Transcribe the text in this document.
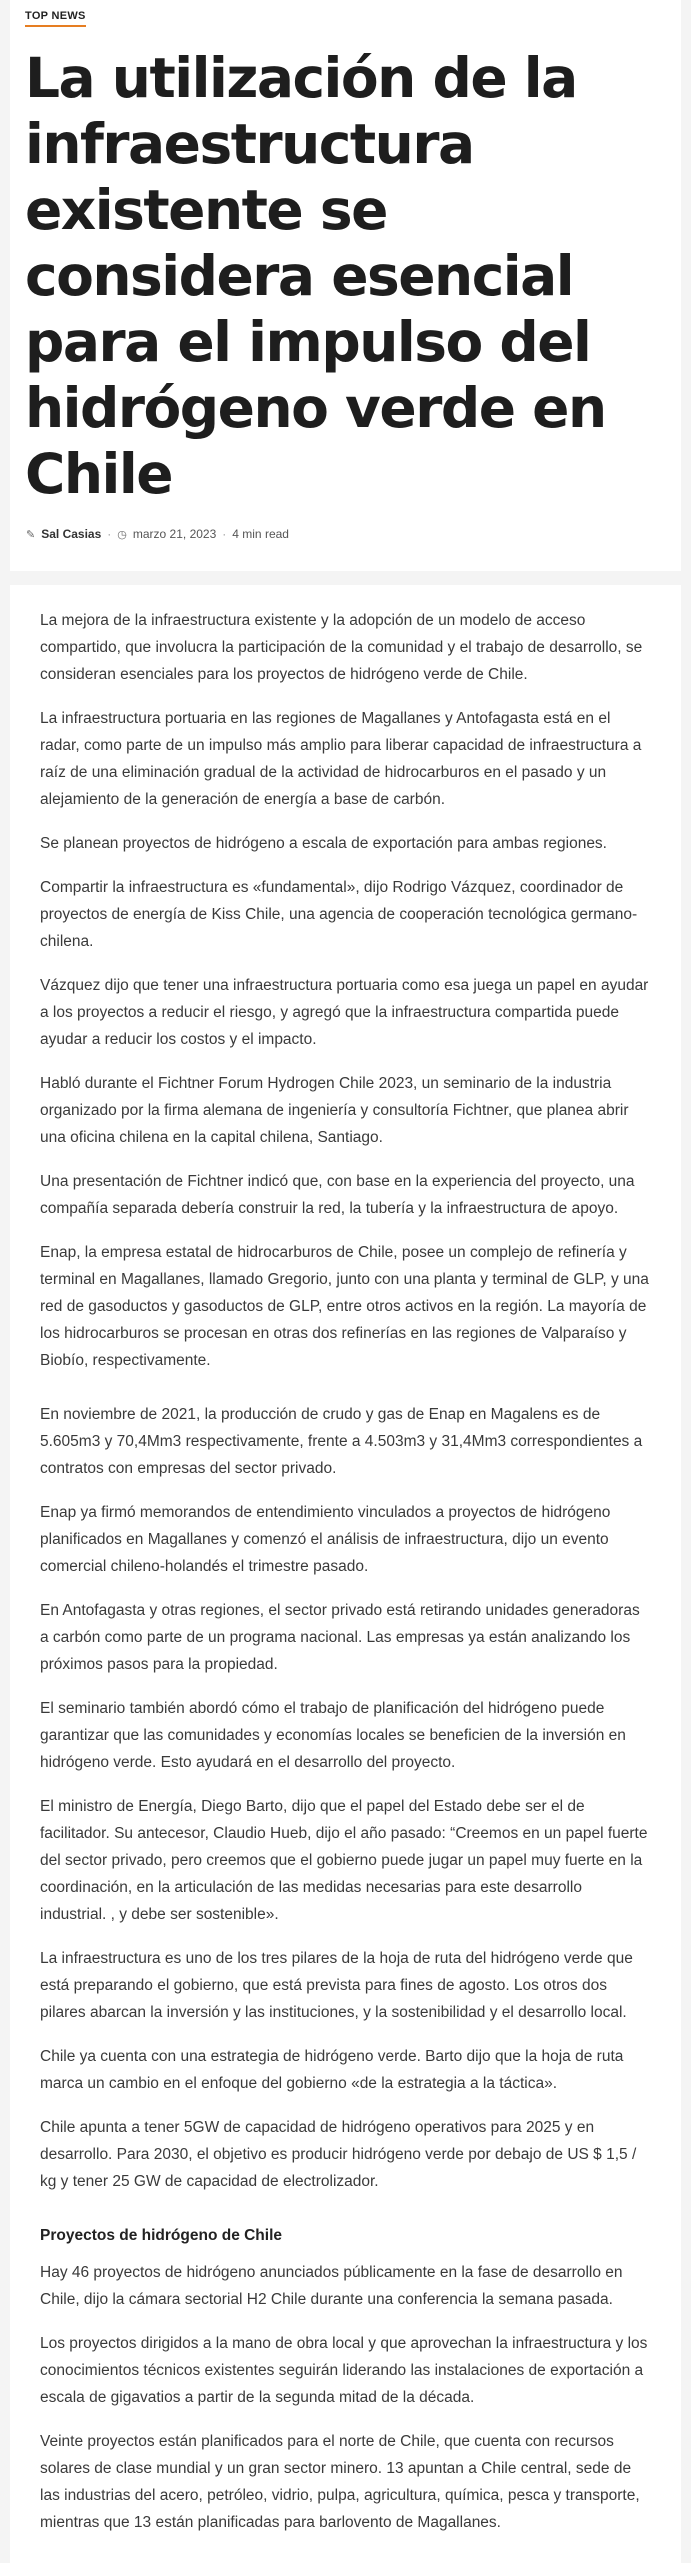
TOP NEWS
La utilización de la infraestructura existente se considera esencial para el impulso del hidrógeno verde en Chile
✎ Sal Casias · ◷ marzo 21, 2023 · 4 min read

La mejora de la infraestructura existente y la adopción de un modelo de acceso compartido, que involucra la participación de la comunidad y el trabajo de desarrollo, se consideran esenciales para los proyectos de hidrógeno verde de Chile.

La infraestructura portuaria en las regiones de Magallanes y Antofagasta está en el radar, como parte de un impulso más amplio para liberar capacidad de infraestructura a raíz de una eliminación gradual de la actividad de hidrocarburos en el pasado y un alejamiento de la generación de energía a base de carbón.

Se planean proyectos de hidrógeno a escala de exportación para ambas regiones.

Compartir la infraestructura es «fundamental», dijo Rodrigo Vázquez, coordinador de proyectos de energía de Kiss Chile, una agencia de cooperación tecnológica germano-chilena.

Vázquez dijo que tener una infraestructura portuaria como esa juega un papel en ayudar a los proyectos a reducir el riesgo, y agregó que la infraestructura compartida puede ayudar a reducir los costos y el impacto.

Habló durante el Fichtner Forum Hydrogen Chile 2023, un seminario de la industria organizado por la firma alemana de ingeniería y consultoría Fichtner, que planea abrir una oficina chilena en la capital chilena, Santiago.

Una presentación de Fichtner indicó que, con base en la experiencia del proyecto, una compañía separada debería construir la red, la tubería y la infraestructura de apoyo.

Enap, la empresa estatal de hidrocarburos de Chile, posee un complejo de refinería y terminal en Magallanes, llamado Gregorio, junto con una planta y terminal de GLP, y una red de gasoductos y gasoductos de GLP, entre otros activos en la región. La mayoría de los hidrocarburos se procesan en otras dos refinerías en las regiones de Valparaíso y Biobío, respectivamente.

En noviembre de 2021, la producción de crudo y gas de Enap en Magalens es de 5.605m3 y 70,4Mm3 respectivamente, frente a 4.503m3 y 31,4Mm3 correspondientes a contratos con empresas del sector privado.

Enap ya firmó memorandos de entendimiento vinculados a proyectos de hidrógeno planificados en Magallanes y comenzó el análisis de infraestructura, dijo un evento comercial chileno-holandés el trimestre pasado.

En Antofagasta y otras regiones, el sector privado está retirando unidades generadoras a carbón como parte de un programa nacional. Las empresas ya están analizando los próximos pasos para la propiedad.

El seminario también abordó cómo el trabajo de planificación del hidrógeno puede garantizar que las comunidades y economías locales se beneficien de la inversión en hidrógeno verde. Esto ayudará en el desarrollo del proyecto.

El ministro de Energía, Diego Barto, dijo que el papel del Estado debe ser el de facilitador. Su antecesor, Claudio Hueb, dijo el año pasado: “Creemos en un papel fuerte del sector privado, pero creemos que el gobierno puede jugar un papel muy fuerte en la coordinación, en la articulación de las medidas necesarias para este desarrollo industrial. , y debe ser sostenible».

La infraestructura es uno de los tres pilares de la hoja de ruta del hidrógeno verde que está preparando el gobierno, que está prevista para fines de agosto. Los otros dos pilares abarcan la inversión y las instituciones, y la sostenibilidad y el desarrollo local.

Chile ya cuenta con una estrategia de hidrógeno verde. Barto dijo que la hoja de ruta marca un cambio en el enfoque del gobierno «de la estrategia a la táctica».

Chile apunta a tener 5GW de capacidad de hidrógeno operativos para 2025 y en desarrollo. Para 2030, el objetivo es producir hidrógeno verde por debajo de US $ 1,5 / kg y tener 25 GW de capacidad de electrolizador.

Proyectos de hidrógeno de Chile

Hay 46 proyectos de hidrógeno anunciados públicamente en la fase de desarrollo en Chile, dijo la cámara sectorial H2 Chile durante una conferencia la semana pasada.

Los proyectos dirigidos a la mano de obra local y que aprovechan la infraestructura y los conocimientos técnicos existentes seguirán liderando las instalaciones de exportación a escala de gigavatios a partir de la segunda mitad de la década.

Veinte proyectos están planificados para el norte de Chile, que cuenta con recursos solares de clase mundial y un gran sector minero. 13 apuntan a Chile central, sede de las industrias del acero, petróleo, vidrio, pulpa, agricultura, química, pesca y transporte, mientras que 13 están planificadas para barlovento de Magallanes.
